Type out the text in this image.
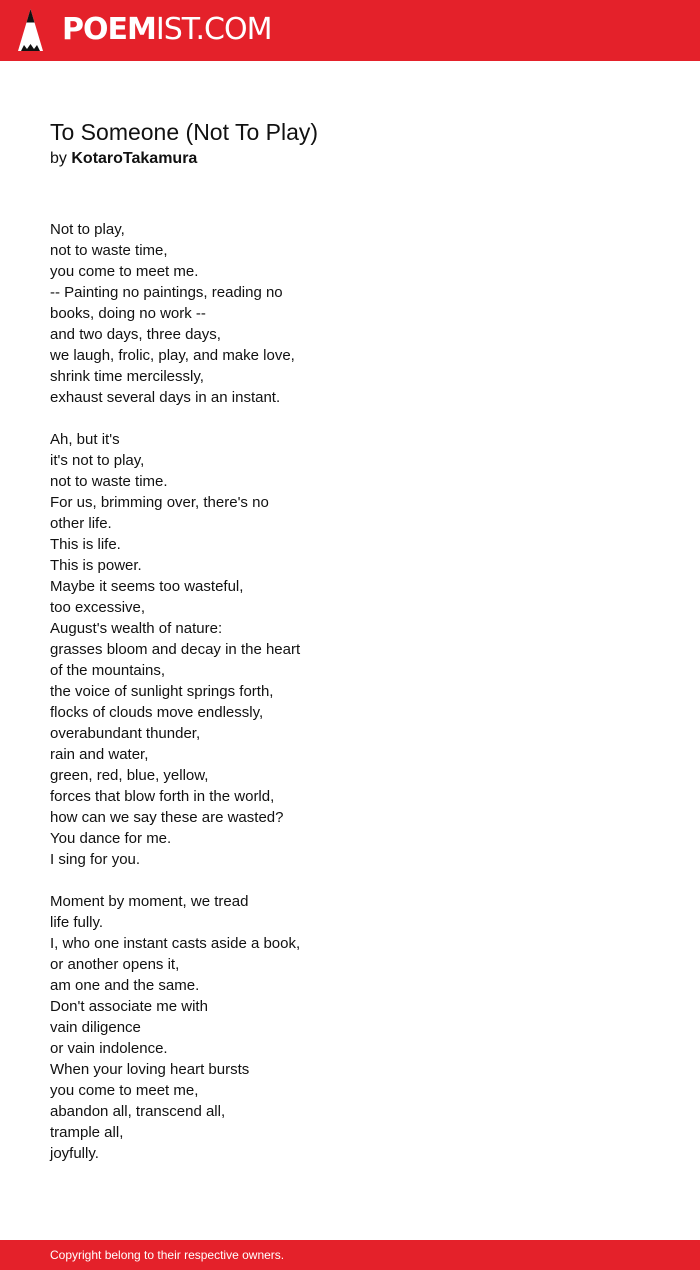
POEMIST.COM
To Someone (Not To Play)
by KotaroTakamura
Not to play,
not to waste time,
you come to meet me.
-- Painting no paintings, reading no
books, doing no work --
and two days, three days,
we laugh, frolic, play, and make love,
shrink time mercilessly,
exhaust several days in an instant.
Ah, but it's
it's not to play,
not to waste time.
For us, brimming over, there's no
other life.
This is life.
This is power.
Maybe it seems too wasteful,
too excessive,
August's wealth of nature:
grasses bloom and decay in the heart
of the mountains,
the voice of sunlight springs forth,
flocks of clouds move endlessly,
overabundant thunder,
rain and water,
green, red, blue, yellow,
forces that blow forth in the world,
how can we say these are wasted?
You dance for me.
I sing for you.
Moment by moment, we tread
life fully.
I, who one instant casts aside a book,
or another opens it,
am one and the same.
Don't associate me with
vain diligence
or vain indolence.
When your loving heart bursts
you come to meet me,
abandon all, transcend all,
trample all,
joyfully.
Copyright belong to their respective owners.
